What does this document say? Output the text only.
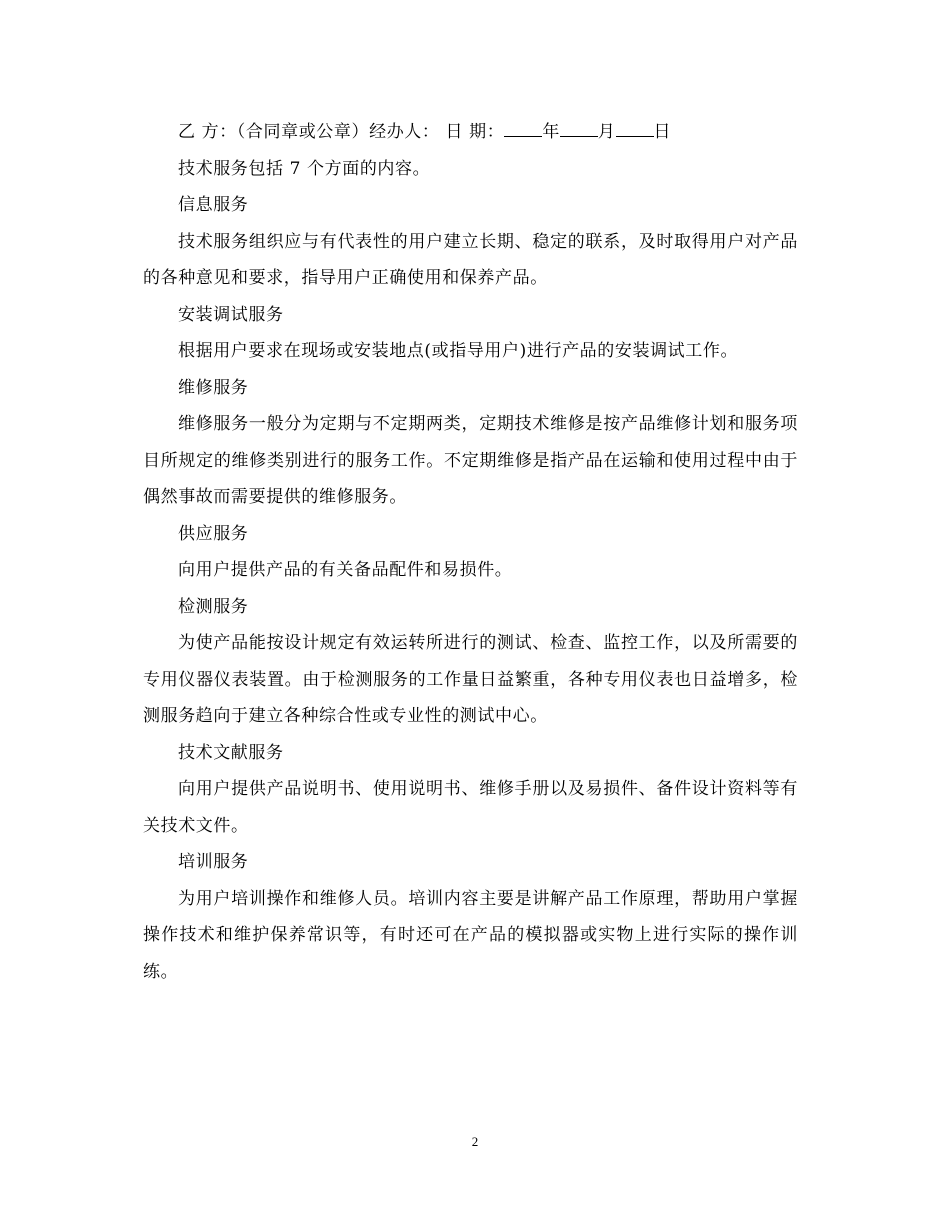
乙 方：（合同章或公章）经办人： 日 期： 年 月 日
技术服务包括 7 个方面的内容。
信息服务
技术服务组织应与有代表性的用户建立长期、稳定的联系，及时取得用户对产品的各种意见和要求，指导用户正确使用和保养产品。
安装调试服务
根据用户要求在现场或安装地点(或指导用户)进行产品的安装调试工作。
维修服务
维修服务一般分为定期与不定期两类，定期技术维修是按产品维修计划和服务项目所规定的维修类别进行的服务工作。不定期维修是指产品在运输和使用过程中由于偶然事故而需要提供的维修服务。
供应服务
向用户提供产品的有关备品配件和易损件。
检测服务
为使产品能按设计规定有效运转所进行的测试、检查、监控工作，以及所需要的专用仪器仪表装置。由于检测服务的工作量日益繁重，各种专用仪表也日益增多，检测服务趋向于建立各种综合性或专业性的测试中心。
技术文献服务
向用户提供产品说明书、使用说明书、维修手册以及易损件、备件设计资料等有关技术文件。
培训服务
为用户培训操作和维修人员。培训内容主要是讲解产品工作原理，帮助用户掌握操作技术和维护保养常识等，有时还可在产品的模拟器或实物上进行实际的操作训练。
2
